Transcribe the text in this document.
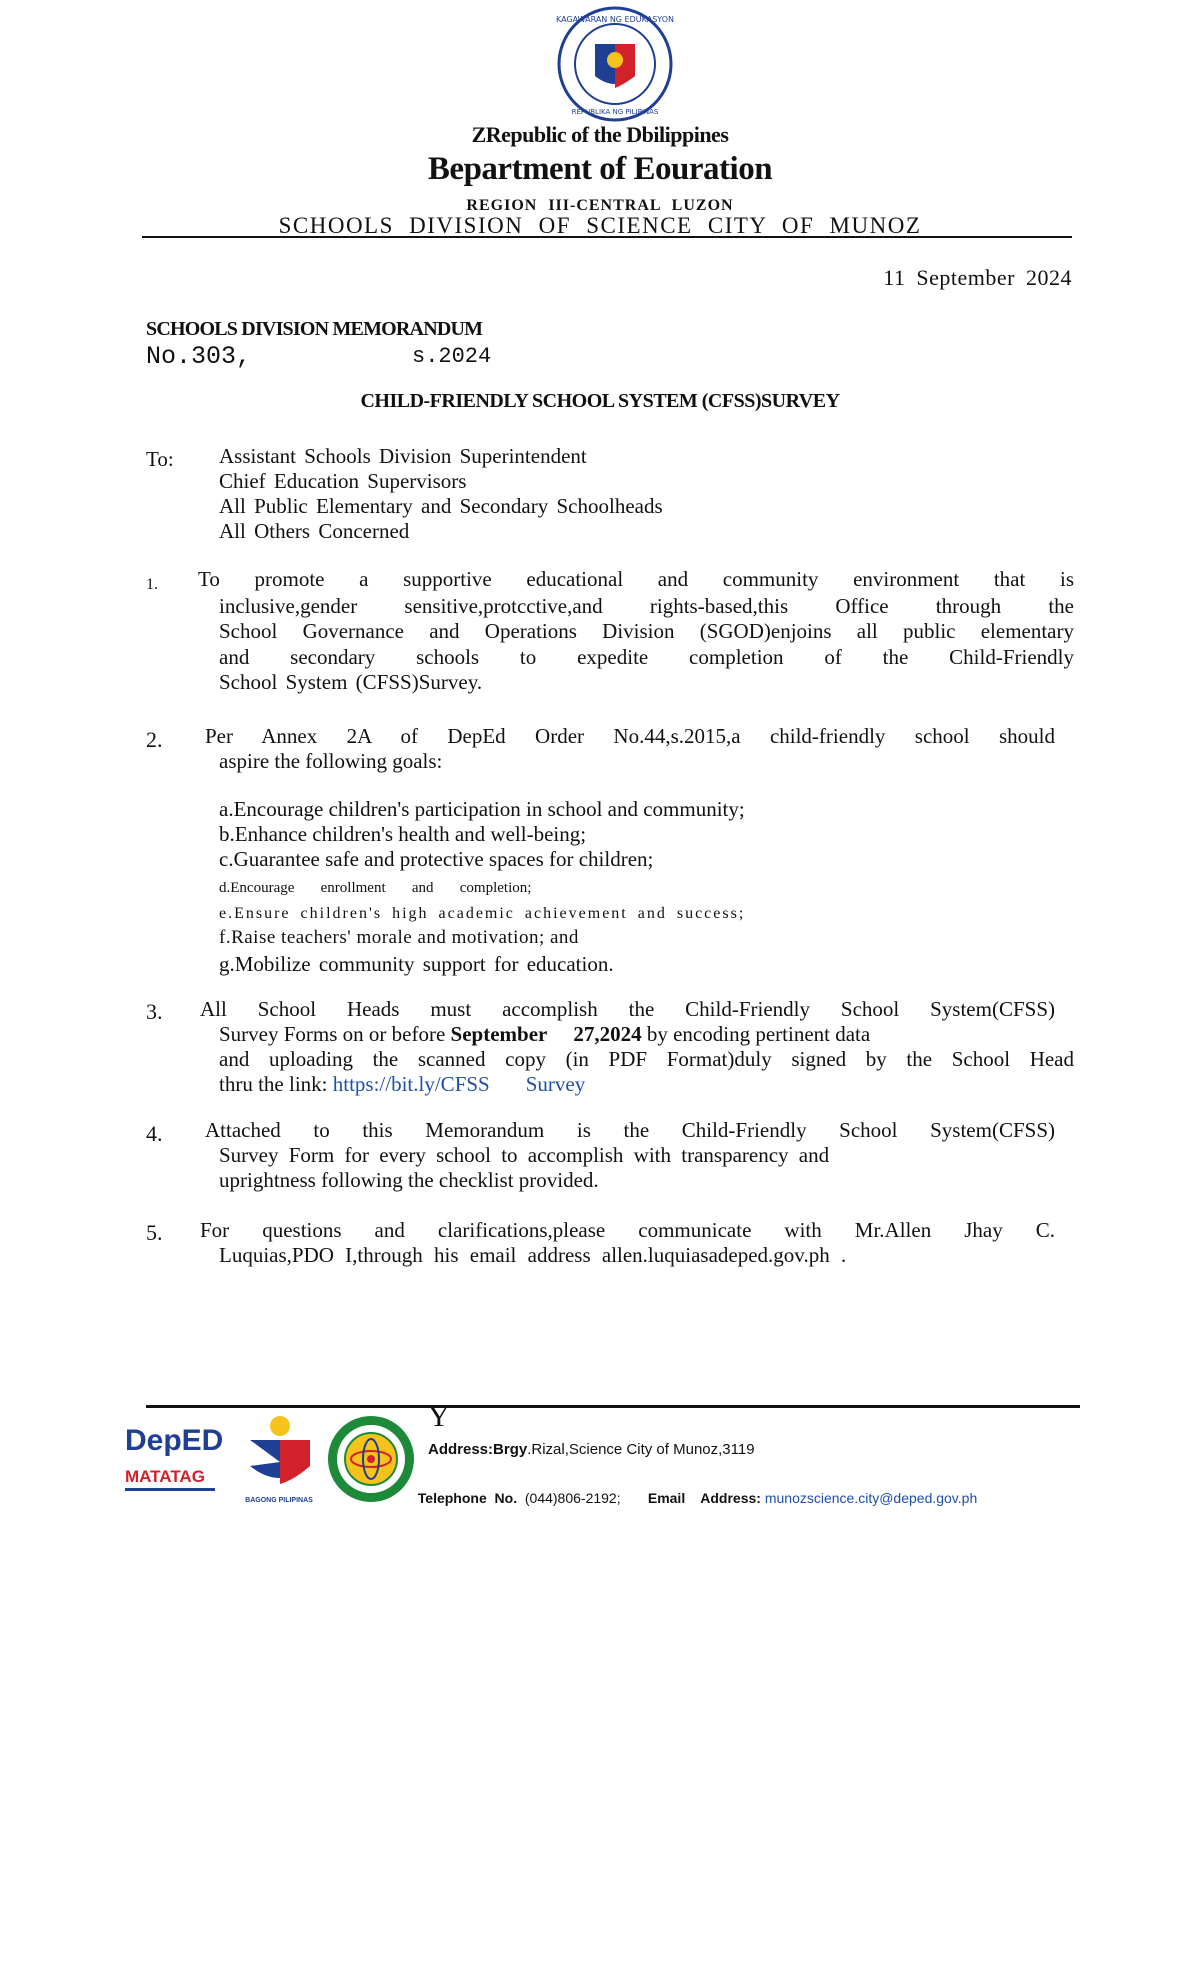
KAGAWARAN NG EDUKASYON
REPUBLIKA NG PILIPINAS
ZRepublic of the Dbilippines
Bepartment of Eouration
REGION III-CENTRAL LUZON
SCHOOLS DIVISION OF SCIENCE CITY OF MUNOZ
11 September 2024
SCHOOLS DIVISION MEMORANDUM
No.303,	s.2024
CHILD-FRIENDLY SCHOOL SYSTEM (CFSS)SURVEY
To: Assistant Schools Division Superintendent
Chief Education Supervisors
All Public Elementary and Secondary Schoolheads
All Others Concerned
1. To promote a supportive educational and community environment that is
inclusive,gender sensitive,protcctive,and rights-based,this Office through the
School Governance and Operations Division (SGOD)enjoins all public elementary
and secondary schools to expedite completion of the Child-Friendly
School System (CFSS)Survey.
2. Per Annex 2A of DepEd Order No.44,s.2015,a child-friendly school should
aspire the following goals:
a.Encourage children's participation in school and community;
b.Enhance children's health and well-being;
c.Guarantee safe and protective spaces for children;
d.Encourage       enrollment       and       completion;
e.Ensure children's high academic achievement and success;
f.Raise teachers' morale and motivation; and
g.Mobilize community support for education.
3. All School Heads must accomplish the Child-Friendly School System(CFSS)
Survey Forms on or before September 27,2024 by encoding pertinent data
and uploading the scanned copy (in PDF Format)duly signed by the School Head
thru the link: https://bit.ly/CFSS Survey
4. Attached to this Memorandum is the Child-Friendly School System(CFSS)
Survey Form for every school to accomplish with transparency and
uprightness following the checklist provided.
5. For questions and clarifications,please communicate with Mr.Allen Jhay C.
Luquias,PDO I,through his email address allen.luquiasadeped.gov.ph .
Y
DepED
MATATAG
BAGONG PILIPINAS
Address:Brgy.Rizal,Science City of Munoz,3119

Telephone  No. (044)806-2192; Email    Address: munozscience.city@deped.gov.ph
